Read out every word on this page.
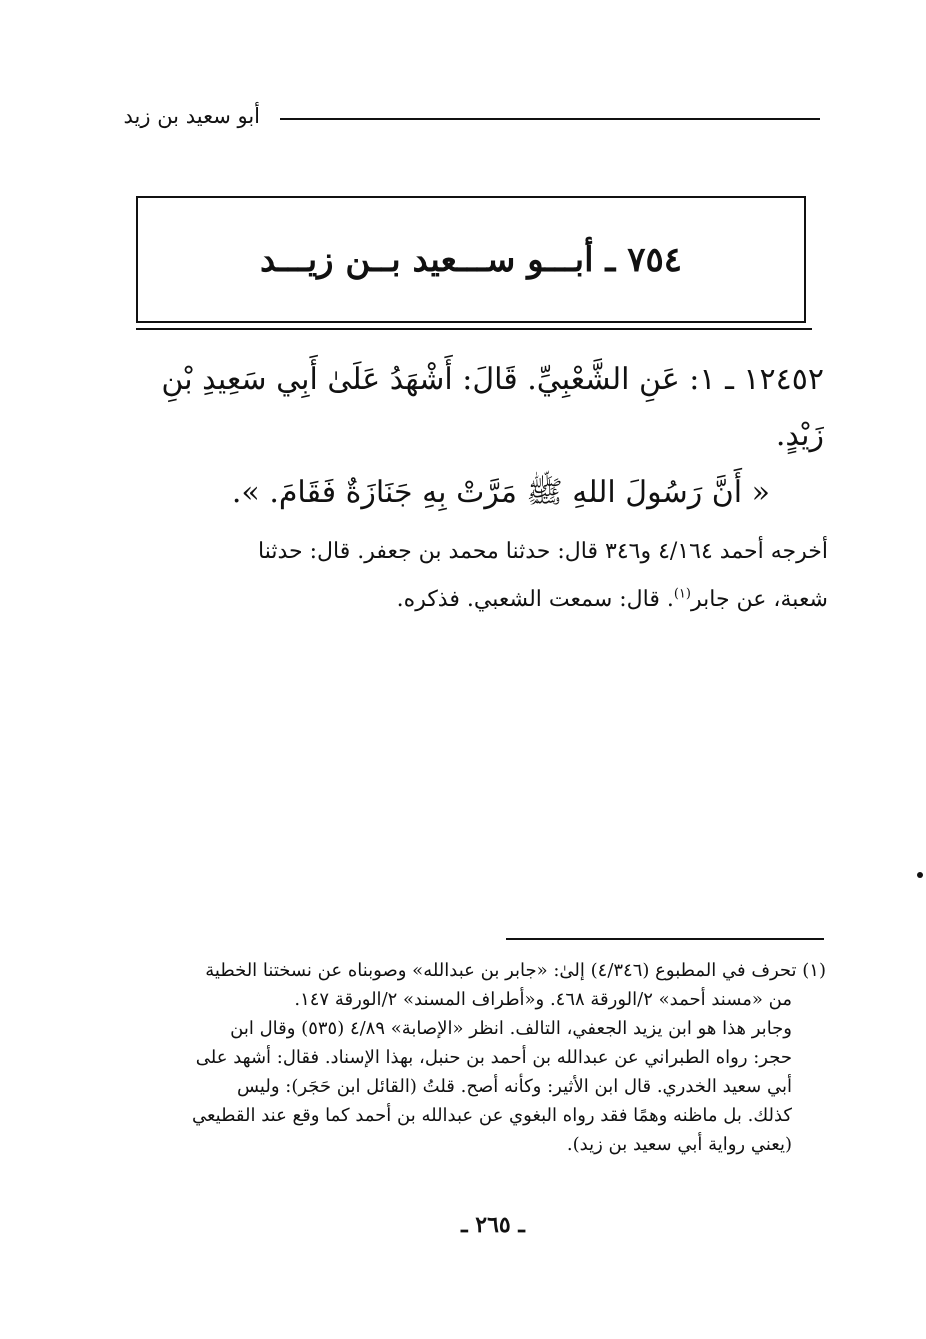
أبو سعيد بن زيد
٧٥٤ ـ أبـــو ســـعيد بــن زيـــد
١٢٤٥٢ ـ ١: عَنِ الشَّعْبِيِّ. قَالَ: أَشْهَدُ عَلَىٰ أَبِي سَعِيدِ بْنِ
زَيْدٍ.
« أَنَّ رَسُولَ اللهِ ﷺ مَرَّتْ بِهِ جَنَازَةٌ فَقَامَ. ».
أخرجه أحمد ٤/١٦٤ و٣٤٦ قال: حدثنا محمد بن جعفر. قال: حدثنا
شعبة، عن جابر$^{(١)}$. قال: سمعت الشعبي. فذكره.
(١) تحرف في المطبوع (٤/٣٤٦) إلىٰ: «جابر بن عبدالله» وصوبناه عن نسختنا الخطية
من «مسند أحمد» ٢/الورقة ٤٦٨. و«أطراف المسند» ٢/الورقة ١٤٧.
وجابر هذا هو ابن يزيد الجعفي، التالف. انظر «الإصابة» ٤/٨٩ (٥٣٥) وقال ابن
حجر: رواه الطبراني عن عبدالله بن أحمد بن حنبل، بهذا الإسناد. فقال: أشهد على
أبي سعيد الخدري. قال ابن الأثير: وكأنه أصح. قلتُ (القائل ابن حَجَر): وليس
كذلك. بل ماظنه وهمًا فقد رواه البغوي عن عبدالله بن أحمد كما وقع عند القطيعي
(يعني رواية أبي سعيد بن زيد).
ـ ٢٦٥ ـ
